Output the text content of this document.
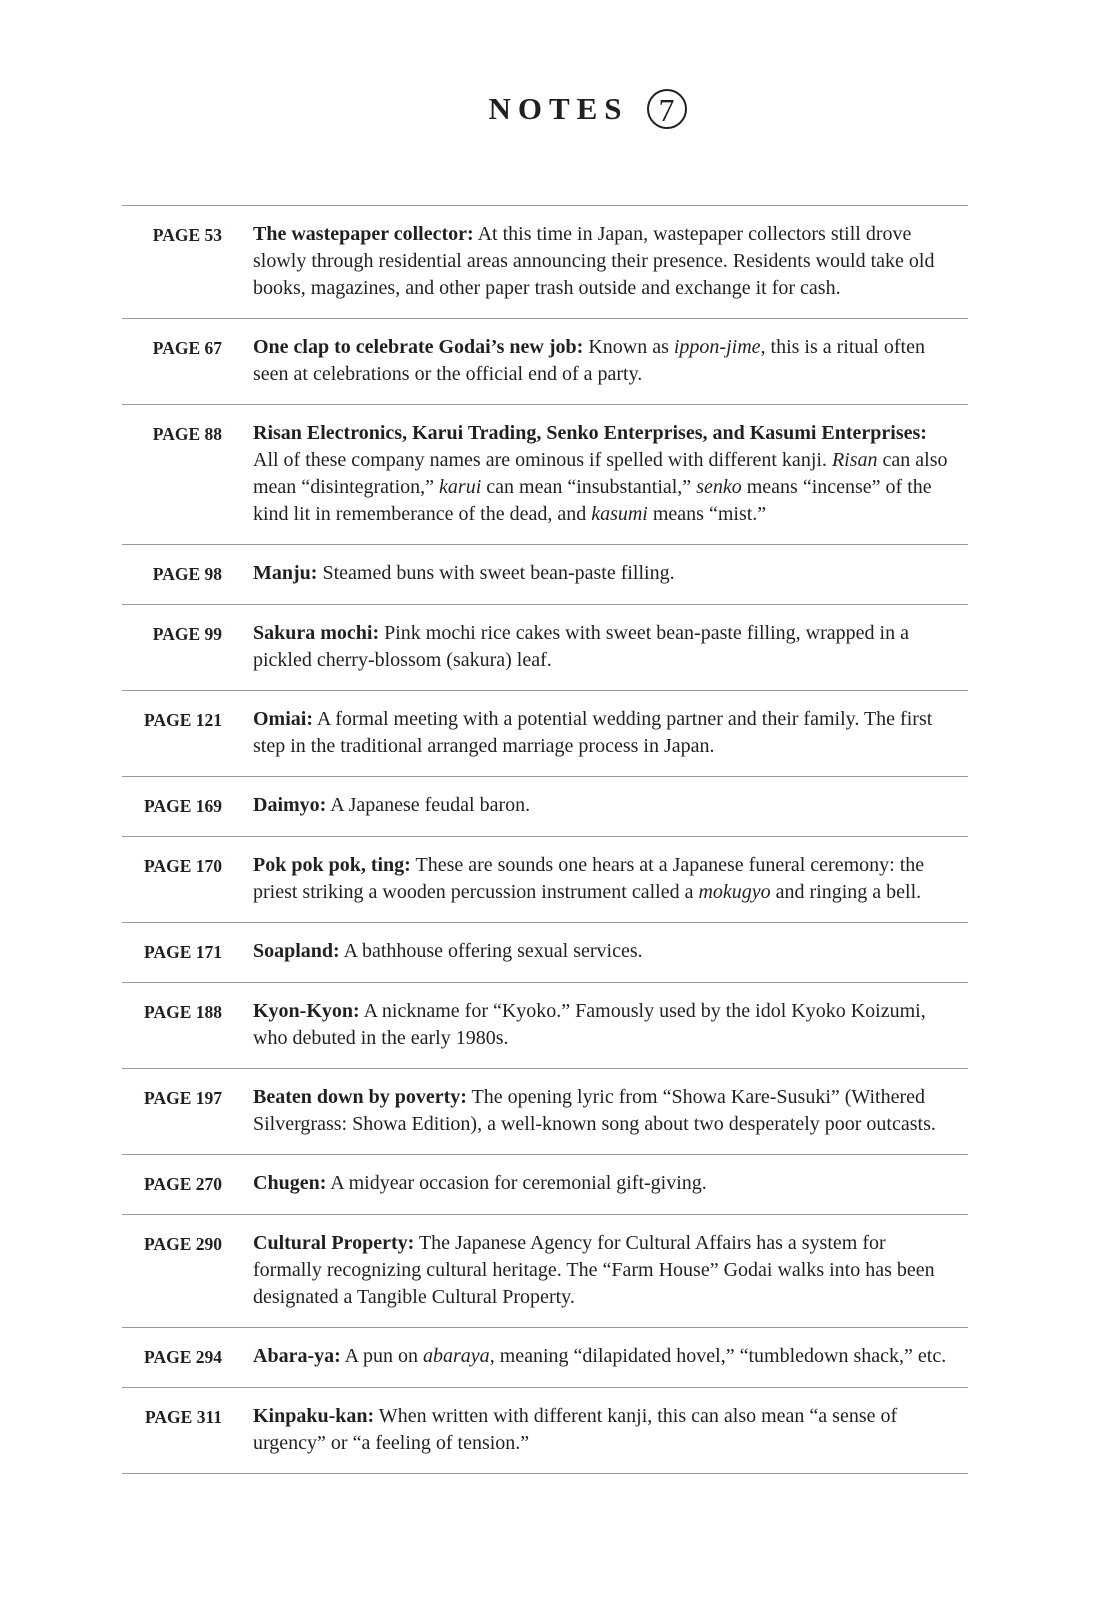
NOTES 7
PAGE 53 The wastepaper collector: At this time in Japan, wastepaper collectors still drove slowly through residential areas announcing their presence. Residents would take old books, magazines, and other paper trash outside and exchange it for cash.
PAGE 67 One clap to celebrate Godai’s new job: Known as ippon-jime, this is a ritual often seen at celebrations or the official end of a party.
PAGE 88 Risan Electronics, Karui Trading, Senko Enterprises, and Kasumi Enterprises: All of these company names are ominous if spelled with different kanji. Risan can also mean “disintegration,” karui can mean “insubstantial,” senko means “incense” of the kind lit in rememberance of the dead, and kasumi means “mist.”
PAGE 98 Manju: Steamed buns with sweet bean-paste filling.
PAGE 99 Sakura mochi: Pink mochi rice cakes with sweet bean-paste filling, wrapped in a pickled cherry-blossom (sakura) leaf.
PAGE 121 Omiai: A formal meeting with a potential wedding partner and their family. The first step in the traditional arranged marriage process in Japan.
PAGE 169 Daimyo: A Japanese feudal baron.
PAGE 170 Pok pok pok, ting: These are sounds one hears at a Japanese funeral ceremony: the priest striking a wooden percussion instrument called a mokugyo and ringing a bell.
PAGE 171 Soapland: A bathhouse offering sexual services.
PAGE 188 Kyon-Kyon: A nickname for “Kyoko.” Famously used by the idol Kyoko Koizumi, who debuted in the early 1980s.
PAGE 197 Beaten down by poverty: The opening lyric from “Showa Kare-Susuki” (Withered Silvergrass: Showa Edition), a well-known song about two desperately poor outcasts.
PAGE 270 Chugen: A midyear occasion for ceremonial gift-giving.
PAGE 290 Cultural Property: The Japanese Agency for Cultural Affairs has a system for formally recognizing cultural heritage. The “Farm House” Godai walks into has been designated a Tangible Cultural Property.
PAGE 294 Abara-ya: A pun on abaraya, meaning “dilapidated hovel,” “tumbledown shack,” etc.
PAGE 311 Kinpaku-kan: When written with different kanji, this can also mean “a sense of urgency” or “a feeling of tension.”
